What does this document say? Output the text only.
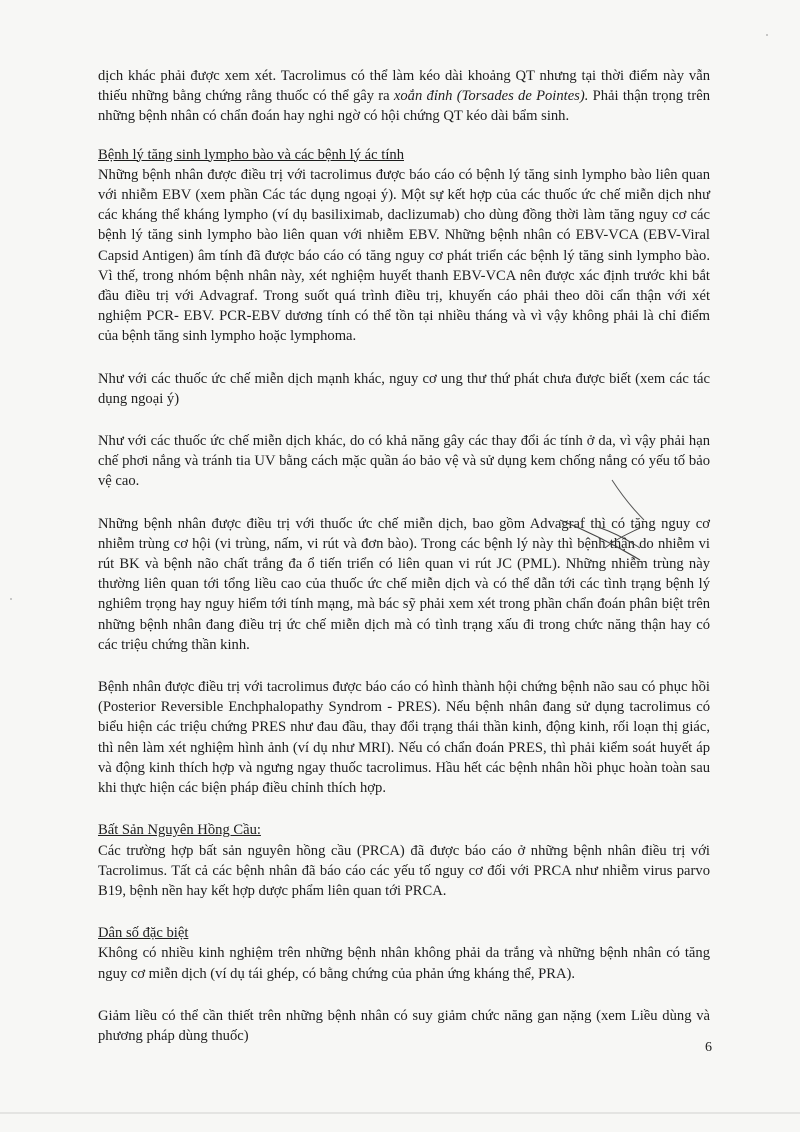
dịch khác phải được xem xét. Tacrolimus có thể làm kéo dài khoảng QT nhưng tại thời điểm này vẫn thiếu những bằng chứng rằng thuốc có thể gây ra xoắn đỉnh (Torsades de Pointes). Phải thận trọng trên những bệnh nhân có chẩn đoán hay nghi ngờ có hội chứng QT kéo dài bẩm sinh.

Bệnh lý tăng sinh lympho bào và các bệnh lý ác tính

Những bệnh nhân được điều trị với tacrolimus được báo cáo có bệnh lý tăng sinh lympho bào liên quan với nhiễm EBV (xem phần Các tác dụng ngoại ý). Một sự kết hợp của các thuốc ức chế miễn dịch như các kháng thể kháng lympho (ví dụ basiliximab, daclizumab) cho dùng đồng thời làm tăng nguy cơ các bệnh lý tăng sinh lympho bào liên quan với nhiễm EBV. Những bệnh nhân có EBV-VCA (EBV-Viral Capsid Antigen) âm tính đã được báo cáo có tăng nguy cơ phát triển các bệnh lý tăng sinh lympho bào. Vì thế, trong nhóm bệnh nhân này, xét nghiệm huyết thanh EBV-VCA nên được xác định trước khi bắt đầu điều trị với Advagraf. Trong suốt quá trình điều trị, khuyến cáo phải theo dõi cẩn thận với xét nghiệm PCR- EBV. PCR-EBV dương tính có thể tồn tại nhiều tháng và vì vậy không phải là chỉ điểm của bệnh tăng sinh lympho hoặc lymphoma.

Như với các thuốc ức chế miễn dịch mạnh khác, nguy cơ ung thư thứ phát chưa được biết (xem các tác dụng ngoại ý)

Như với các thuốc ức chế miễn dịch khác, do có khả năng gây các thay đổi ác tính ở da, vì vậy phải hạn chế phơi nắng và tránh tia UV bằng cách mặc quần áo bảo vệ và sử dụng kem chống nắng có yếu tố bảo vệ cao.

Những bệnh nhân được điều trị với thuốc ức chế miễn dịch, bao gồm Advagraf thì có tăng nguy cơ nhiễm trùng cơ hội (vi trùng, nấm, vi rút và đơn bào). Trong các bệnh lý này thì bệnh thận do nhiễm vi rút BK và bệnh não chất trắng đa ổ tiến triển có liên quan vi rút JC (PML). Những nhiễm trùng này thường liên quan tới tổng liều cao của thuốc ức chế miễn dịch và có thể dẫn tới các tình trạng bệnh lý nghiêm trọng hay nguy hiểm tới tính mạng, mà bác sỹ phải xem xét trong phần chẩn đoán phân biệt trên những bệnh nhân đang điều trị ức chế miễn dịch mà có tình trạng xấu đi trong chức năng thận hay có các triệu chứng thần kinh.

Bệnh nhân được điều trị với tacrolimus được báo cáo có hình thành hội chứng bệnh não sau có phục hồi (Posterior Reversible Enchphalopathy Syndrom - PRES). Nếu bệnh nhân đang sử dụng tacrolimus có biểu hiện các triệu chứng PRES như đau đầu, thay đổi trạng thái thần kinh, động kinh, rối loạn thị giác, thì nên làm xét nghiệm hình ảnh (ví dụ như MRI). Nếu có chẩn đoán PRES, thì phải kiểm soát huyết áp và động kinh thích hợp và ngưng ngay thuốc tacrolimus. Hầu hết các bệnh nhân hồi phục hoàn toàn sau khi thực hiện các biện pháp điều chỉnh thích hợp.

Bất Sản Nguyên Hồng Cầu:

Các trường hợp bất sản nguyên hồng cầu (PRCA) đã được báo cáo ở những bệnh nhân điều trị với Tacrolimus. Tất cả các bệnh nhân đã báo cáo các yếu tố nguy cơ đối với PRCA như nhiễm virus parvo B19, bệnh nền hay kết hợp dược phẩm liên quan tới PRCA.

Dân số đặc biệt

Không có nhiều kinh nghiệm trên những bệnh nhân không phải da trắng và những bệnh nhân có tăng nguy cơ miễn dịch (ví dụ tái ghép, có bằng chứng của phản ứng kháng thể, PRA).

Giảm liều có thể cần thiết trên những bệnh nhân có suy giảm chức năng gan nặng (xem Liều dùng và phương pháp dùng thuốc)

6
